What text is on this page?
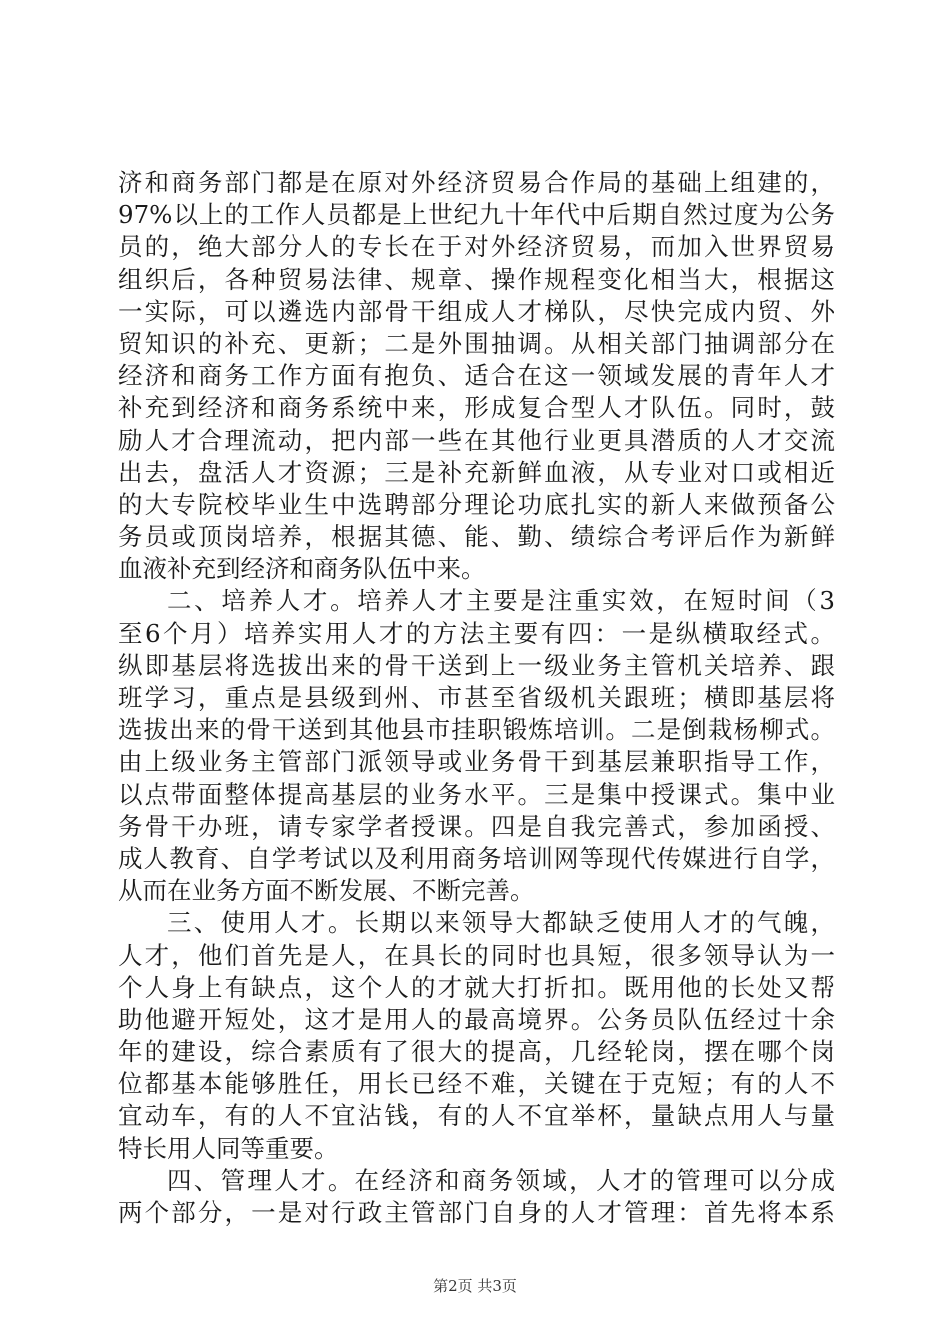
济和商务部门都是在原对外经济贸易合作局的基础上组建的，
97%以上的工作人员都是上世纪九十年代中后期自然过度为公务
员的，绝大部分人的专长在于对外经济贸易，而加入世界贸易
组织后，各种贸易法律、规章、操作规程变化相当大，根据这
一实际，可以遴选内部骨干组成人才梯队，尽快完成内贸、外
贸知识的补充、更新；二是外围抽调。从相关部门抽调部分在
经济和商务工作方面有抱负、适合在这一领域发展的青年人才
补充到经济和商务系统中来，形成复合型人才队伍。同时，鼓
励人才合理流动，把内部一些在其他行业更具潜质的人才交流
出去，盘活人才资源；三是补充新鲜血液，从专业对口或相近
的大专院校毕业生中选聘部分理论功底扎实的新人来做预备公
务员或顶岗培养，根据其德、能、勤、绩综合考评后作为新鲜
血液补充到经济和商务队伍中来。
二、培养人才。培养人才主要是注重实效，在短时间（3
至6个月）培养实用人才的方法主要有四：一是纵横取经式。
纵即基层将选拔出来的骨干送到上一级业务主管机关培养、跟
班学习，重点是县级到州、市甚至省级机关跟班；横即基层将
选拔出来的骨干送到其他县市挂职锻炼培训。二是倒栽杨柳式。
由上级业务主管部门派领导或业务骨干到基层兼职指导工作，
以点带面整体提高基层的业务水平。三是集中授课式。集中业
务骨干办班，请专家学者授课。四是自我完善式，参加函授、
成人教育、自学考试以及利用商务培训网等现代传媒进行自学，
从而在业务方面不断发展、不断完善。
三、使用人才。长期以来领导大都缺乏使用人才的气魄，
人才，他们首先是人，在具长的同时也具短，很多领导认为一
个人身上有缺点，这个人的才就大打折扣。既用他的长处又帮
助他避开短处，这才是用人的最高境界。公务员队伍经过十余
年的建设，综合素质有了很大的提高，几经轮岗，摆在哪个岗
位都基本能够胜任，用长已经不难，关键在于克短；有的人不
宜动车，有的人不宜沾钱，有的人不宜举杯，量缺点用人与量
特长用人同等重要。
四、管理人才。在经济和商务领域，人才的管理可以分成
两个部分，一是对行政主管部门自身的人才管理：首先将本系
第2页 共3页
